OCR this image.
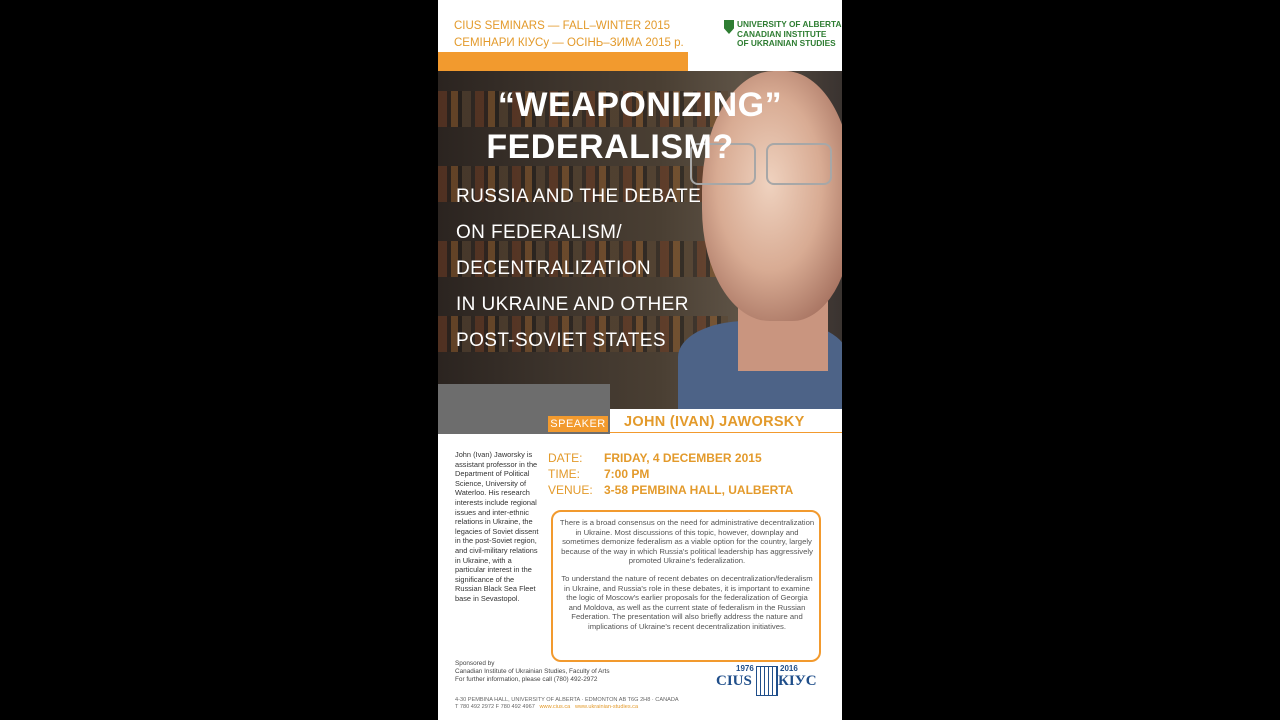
CIUS SEMINARS — FALL–WINTER 2015
СЕМІНАРИ КІУСу — ОСІНЬ–ЗИМА 2015 р.
UNIVERSITY OF ALBERTA
CANADIAN INSTITUTE
OF UKRAINIAN STUDIES
“WEAPONIZING”
FEDERALISM?
RUSSIA AND THE DEBATE
ON FEDERALISM/
DECENTRALIZATION
IN UKRAINE AND OTHER
POST-SOVIET STATES
SPEAKER JOHN (IVAN) JAWORSKY
John (Ivan) Jaworsky is assistant professor in the Department of Political Science, University of Waterloo. His research interests include regional issues and inter-ethnic relations in Ukraine, the legacies of Soviet dissent in the post-Soviet region, and civil-military relations in Ukraine, with a particular interest in the significance of the Russian Black Sea Fleet base in Sevastopol.
DATE: FRIDAY, 4 DECEMBER 2015
TIME: 7:00 PM
VENUE: 3-58 PEMBINA HALL, UALBERTA

There is a broad consensus on the need for administrative decentralization in Ukraine. Most discussions of this topic, however, downplay and sometimes demonize federalism as a viable option for the country, largely because of the way in which Russia's political leadership has aggressively promoted Ukraine's federalization.

To understand the nature of recent debates on decentralization/federalism in Ukraine, and Russia's role in these debates, it is important to examine the logic of Moscow's earlier proposals for the federalization of Georgia and Moldova, as well as the current state of federalism in the Russian Federation. The presentation will also briefly address the nature and implications of Ukraine's recent decentralization initiatives.

Sponsored by
Canadian Institute of Ukrainian Studies, Faculty of Arts
For further information, please call (780) 492-2972
4-30 PEMBINA HALL, UNIVERSITY OF ALBERTA · EDMONTON AB T6G 2H8 · CANADA
T 780 492 2972 F 780 492 4967 www.cius.ca www.ukrainian-studies.ca
1976	2016
CIUS КІУС
